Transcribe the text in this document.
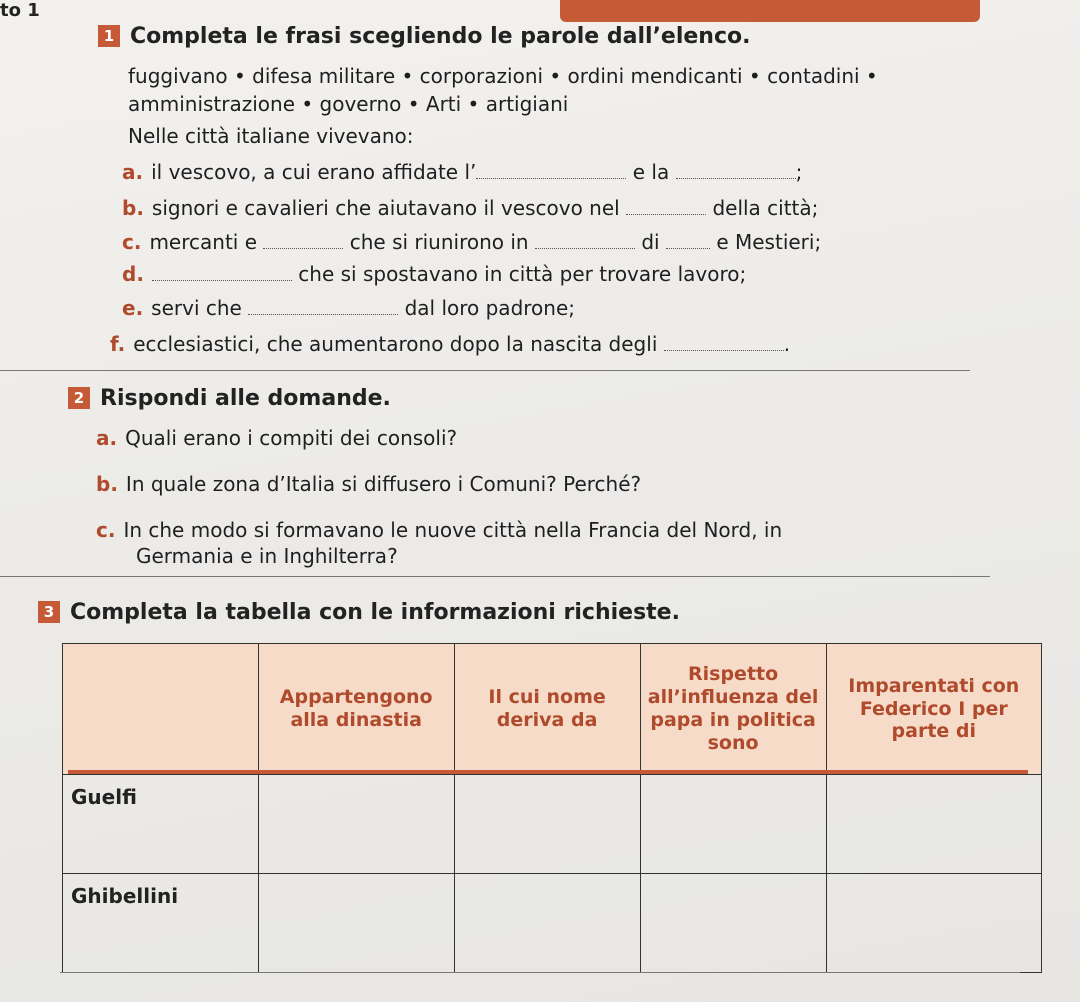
to 1
1 Completa le frasi scegliendo le parole dall’elenco.
fuggivano • difesa militare • corporazioni • ordini mendicanti • contadini •
amministrazione • governo • Arti • artigiani
Nelle città italiane vivevano:
a. il vescovo, a cui erano affidate l’	e la	;
b. signori e cavalieri che aiutavano il vescovo nel	della città;
c. mercanti e	che si riunirono in	di	e Mestieri;
d.	che si spostavano in città per trovare lavoro;
e. servi che	dal loro padrone;
f. ecclesiastici, che aumentarono dopo la nascita degli	.
2 Rispondi alle domande.
a. Quali erano i compiti dei consoli?
b. In quale zona d’Italia si diffusero i Comuni? Perché?
c. In che modo si formavano le nuove città nella Francia del Nord, in
Germania e in Inghilterra?
3 Completa la tabella con le informazioni richieste.
	Appartengono alla dinastia	Il cui nome deriva da	Rispetto all’influenza del papa in politica sono	Imparentati con Federico I per parte di
Guelfi				
Ghibellini				
